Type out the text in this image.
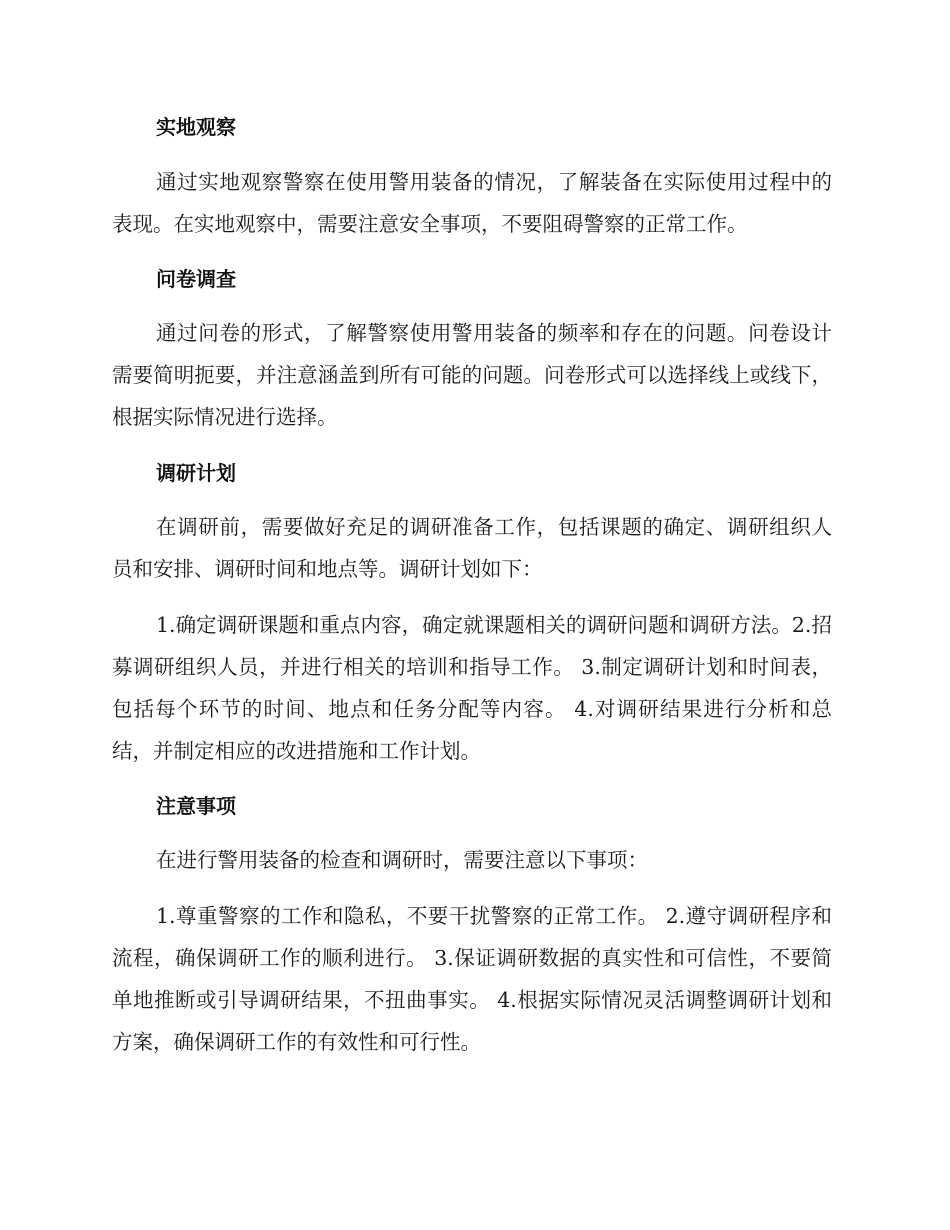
实地观察

通过实地观察警察在使用警用装备的情况，了解装备在实际使用过程中的表现。在实地观察中，需要注意安全事项，不要阻碍警察的正常工作。

问卷调查

通过问卷的形式，了解警察使用警用装备的频率和存在的问题。问卷设计需要简明扼要，并注意涵盖到所有可能的问题。问卷形式可以选择线上或线下，根据实际情况进行选择。

调研计划

在调研前，需要做好充足的调研准备工作，包括课题的确定、调研组织人员和安排、调研时间和地点等。调研计划如下：

1.确定调研课题和重点内容，确定就课题相关的调研问题和调研方法。2.招募调研组织人员，并进行相关的培训和指导工作。 3.制定调研计划和时间表，包括每个环节的时间、地点和任务分配等内容。 4.对调研结果进行分析和总结，并制定相应的改进措施和工作计划。

注意事项

在进行警用装备的检查和调研时，需要注意以下事项：

1.尊重警察的工作和隐私，不要干扰警察的正常工作。 2.遵守调研程序和流程，确保调研工作的顺利进行。 3.保证调研数据的真实性和可信性，不要简单地推断或引导调研结果，不扭曲事实。 4.根据实际情况灵活调整调研计划和方案，确保调研工作的有效性和可行性。
